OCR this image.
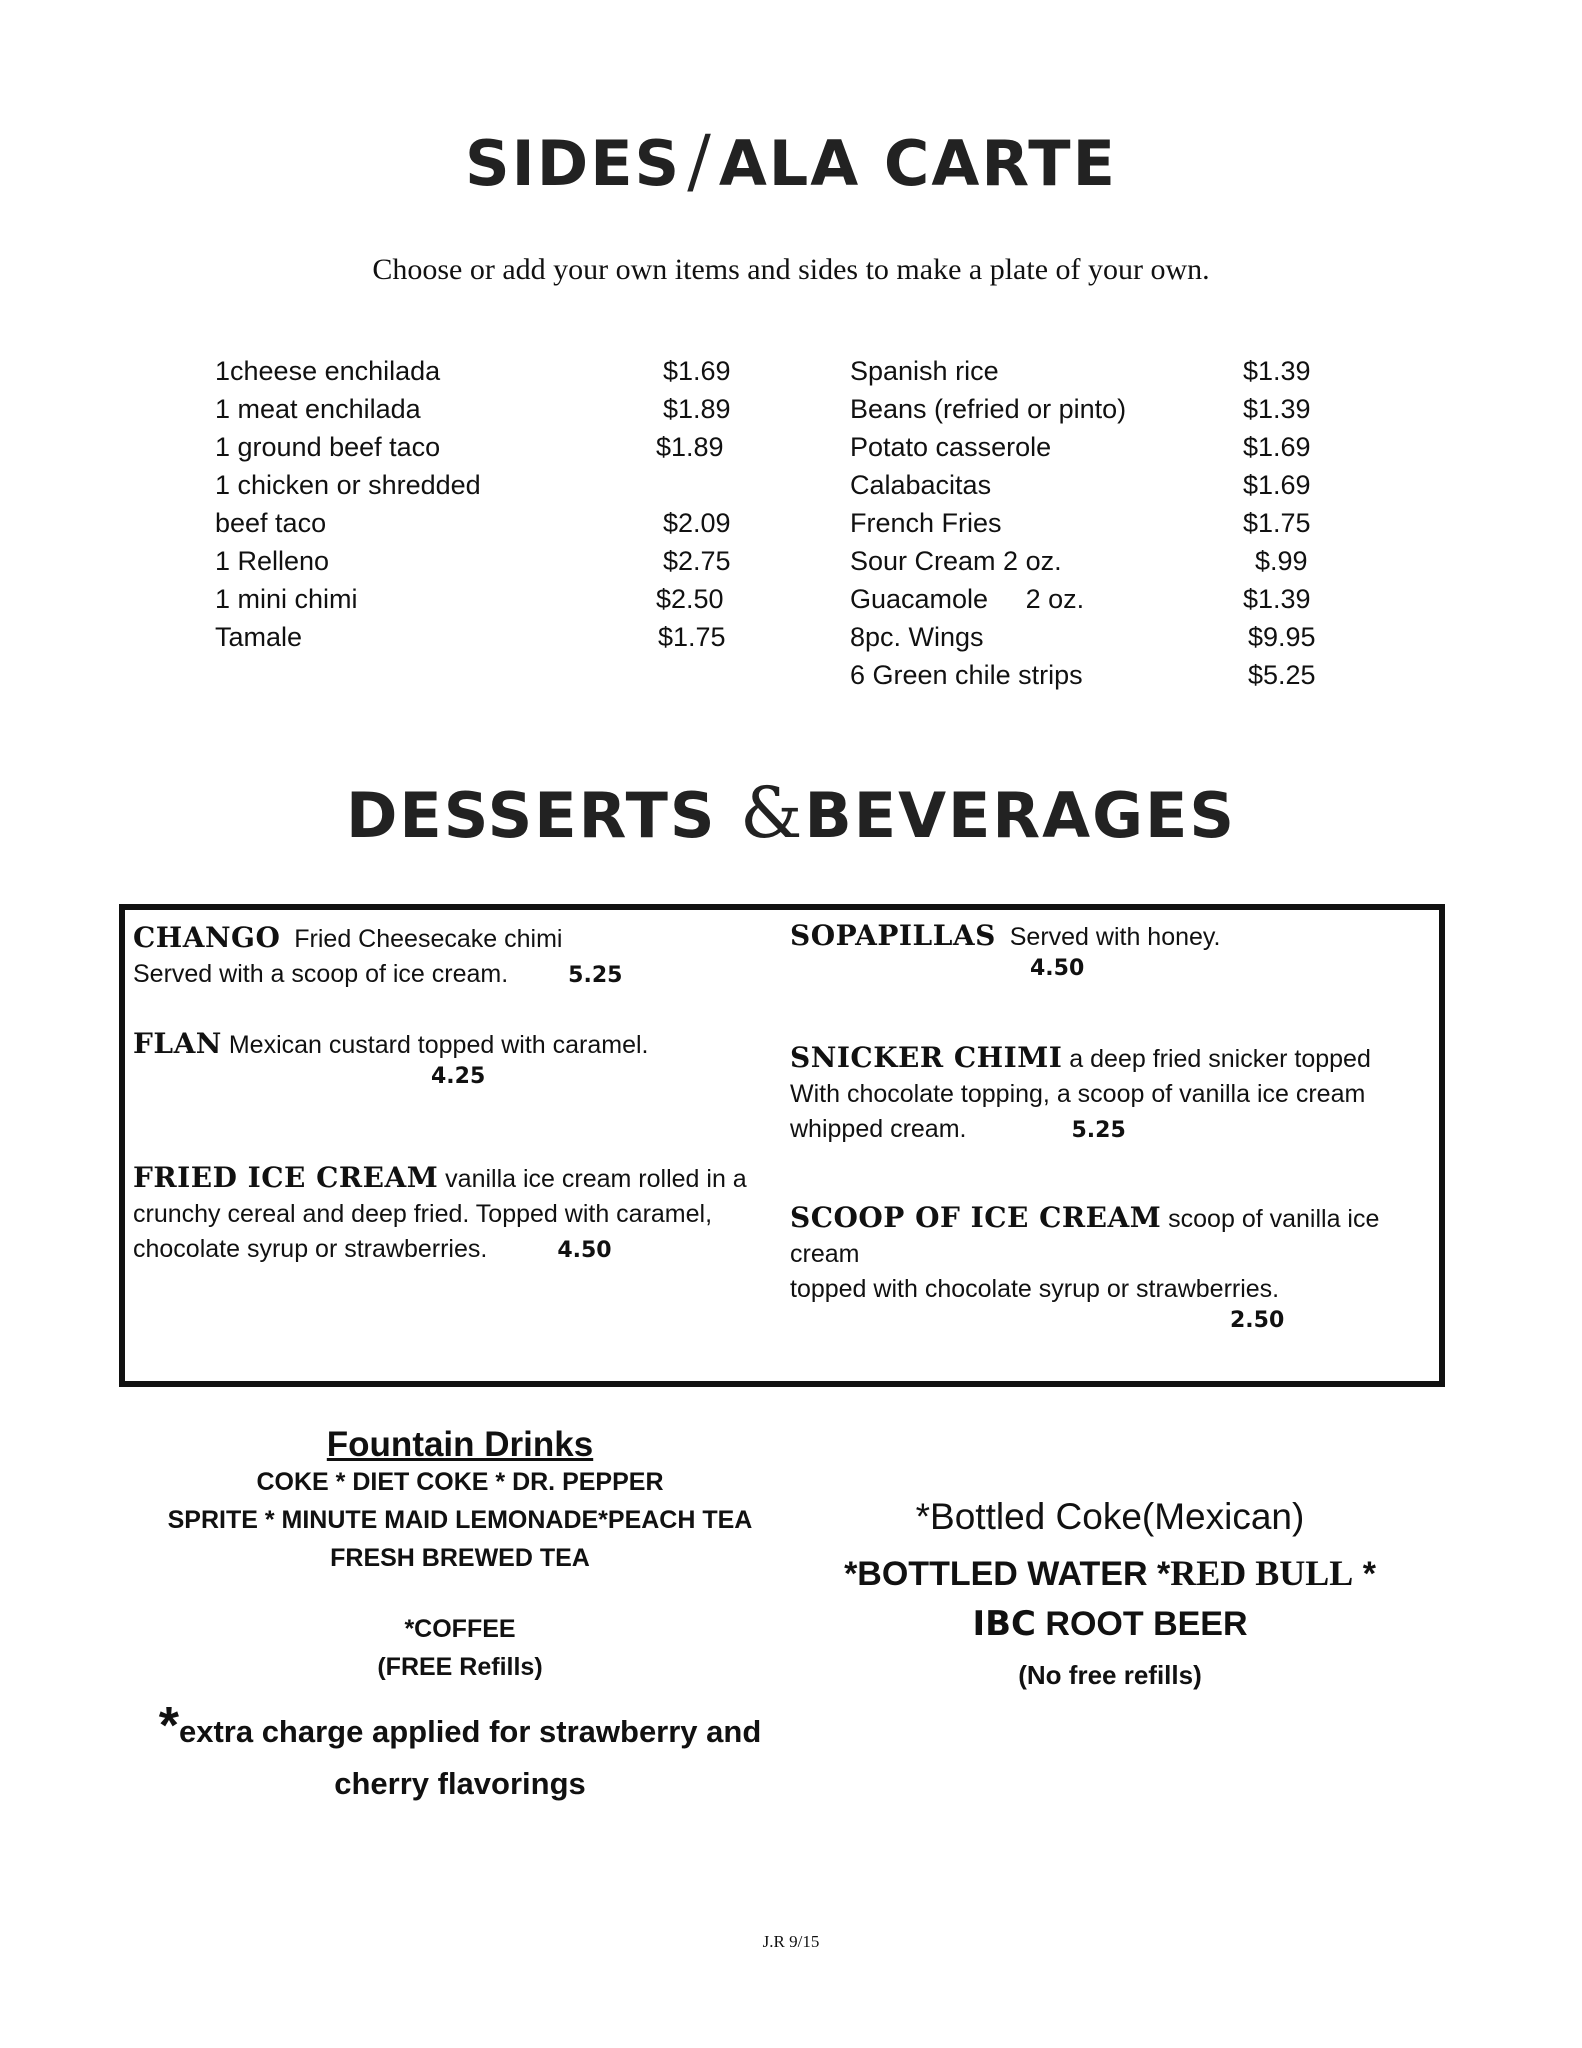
SIDES/ALA CARTE
Choose or add your own items and sides to make a plate of your own.
1cheese enchilada	$1.69
1 meat enchilada	$1.89
1 ground beef taco	$1.89
1 chicken or shredded
beef taco	$2.09
1 Relleno	$2.75
1 mini chimi	$2.50
Tamale	$1.75
Spanish rice	$1.39
Beans (refried or pinto)	$1.39
Potato casserole	$1.69
Calabacitas	$1.69
French Fries	$1.75
Sour Cream 2 oz.	$.99
Guacamole     2 oz.	$1.39
8pc. Wings	$9.95
6 Green chile strips	$5.25
DESSERTS &BEVERAGES
CHANGO Fried Cheesecake chimi
Served with a scoop of ice cream.	5.25
FLAN Mexican custard topped with caramel.
4.25
FRIED ICE CREAM vanilla ice cream rolled in a
crunchy cereal and deep fried. Topped with caramel,
chocolate syrup or strawberries.	4.50
SOPAPILLAS Served with honey.
4.50
SNICKER CHIMI a deep fried snicker topped
With chocolate topping, a scoop of vanilla ice cream
whipped cream.	5.25
SCOOP OF ICE CREAM scoop of vanilla ice cream
topped with chocolate syrup or strawberries.
2.50
Fountain Drinks
COKE * DIET COKE * DR. PEPPER
SPRITE * MINUTE MAID LEMONADE*PEACH TEA
FRESH BREWED TEA
*COFFEE
(FREE Refills)
*extra charge applied for strawberry and
cherry flavorings
*Bottled Coke(Mexican)
*BOTTLED WATER *RED BULL *
IBC ROOT BEER
(No free refills)
J.R 9/15
